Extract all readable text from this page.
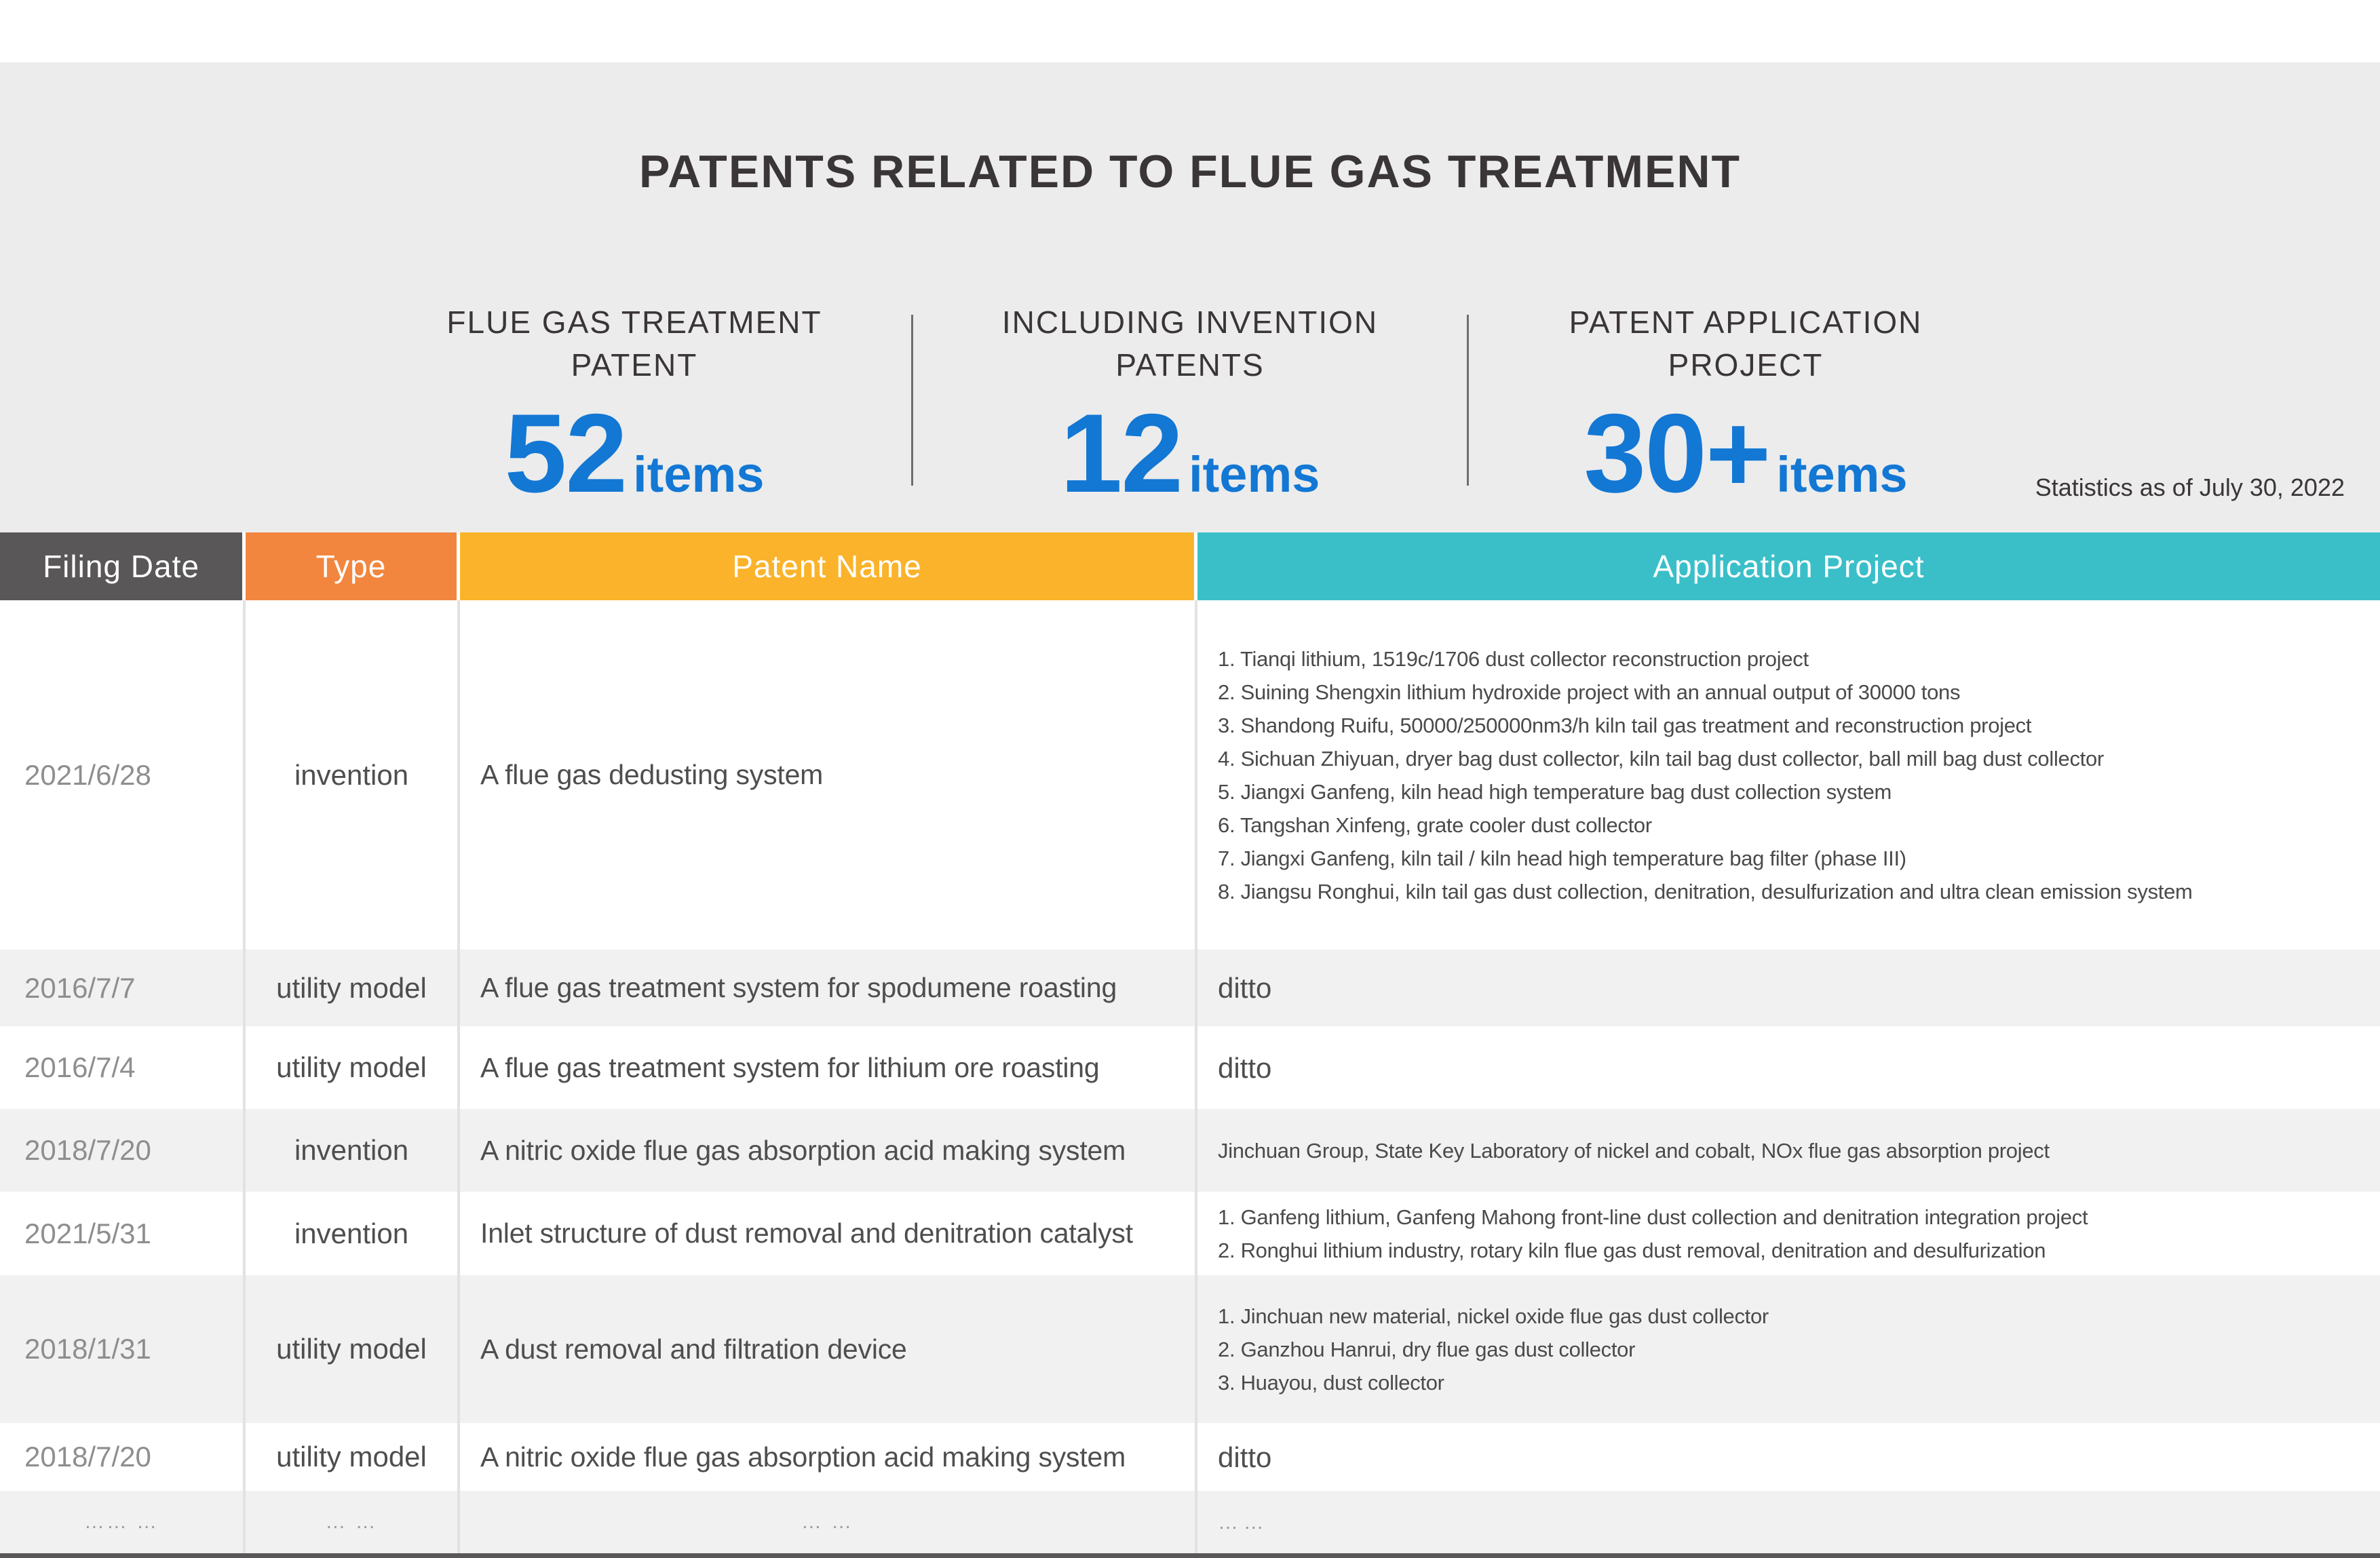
PATENTS RELATED TO FLUE GAS TREATMENT
FLUE GAS TREATMENT
PATENT
52 items
INCLUDING INVENTION
PATENTS
12 items
PATENT APPLICATION
PROJECT
30+ items	Statistics as of July 30, 2022
Filing Date	Type	Patent Name	Application Project
2021/6/28	invention	A flue gas dedusting system
1. Tianqi lithium, 1519c/1706 dust collector reconstruction project
2. Suining Shengxin lithium hydroxide project with an annual output of 30000 tons
3. Shandong Ruifu, 50000/250000nm3/h kiln tail gas treatment and reconstruction project
4. Sichuan Zhiyuan, dryer bag dust collector, kiln tail bag dust collector, ball mill bag dust collector
5. Jiangxi Ganfeng, kiln head high temperature bag dust collection system
6. Tangshan Xinfeng, grate cooler dust collector
7. Jiangxi Ganfeng, kiln tail / kiln head high temperature bag filter (phase III)
8. Jiangsu Ronghui, kiln tail gas dust collection, denitration, desulfurization and ultra clean emission system
2016/7/7	utility model	A flue gas treatment system for spodumene roasting	ditto
2016/7/4	utility model	A flue gas treatment system for lithium ore roasting	ditto
2018/7/20	invention	A nitric oxide flue gas absorption acid making system	Jinchuan Group, State Key Laboratory of nickel and cobalt, NOx flue gas absorption project
2021/5/31	invention	Inlet structure of dust removal and denitration catalyst
1. Ganfeng lithium, Ganfeng Mahong front-line dust collection and denitration integration project
2. Ronghui lithium industry, rotary kiln flue gas dust removal, denitration and desulfurization
2018/1/31	utility model	A dust removal and filtration device
1. Jinchuan new material, nickel oxide flue gas dust collector
2. Ganzhou Hanrui, dry flue gas dust collector
3. Huayou, dust collector
2018/7/20	utility model	A nitric oxide flue gas absorption acid making system	ditto
…… …	… …	… …	… …
